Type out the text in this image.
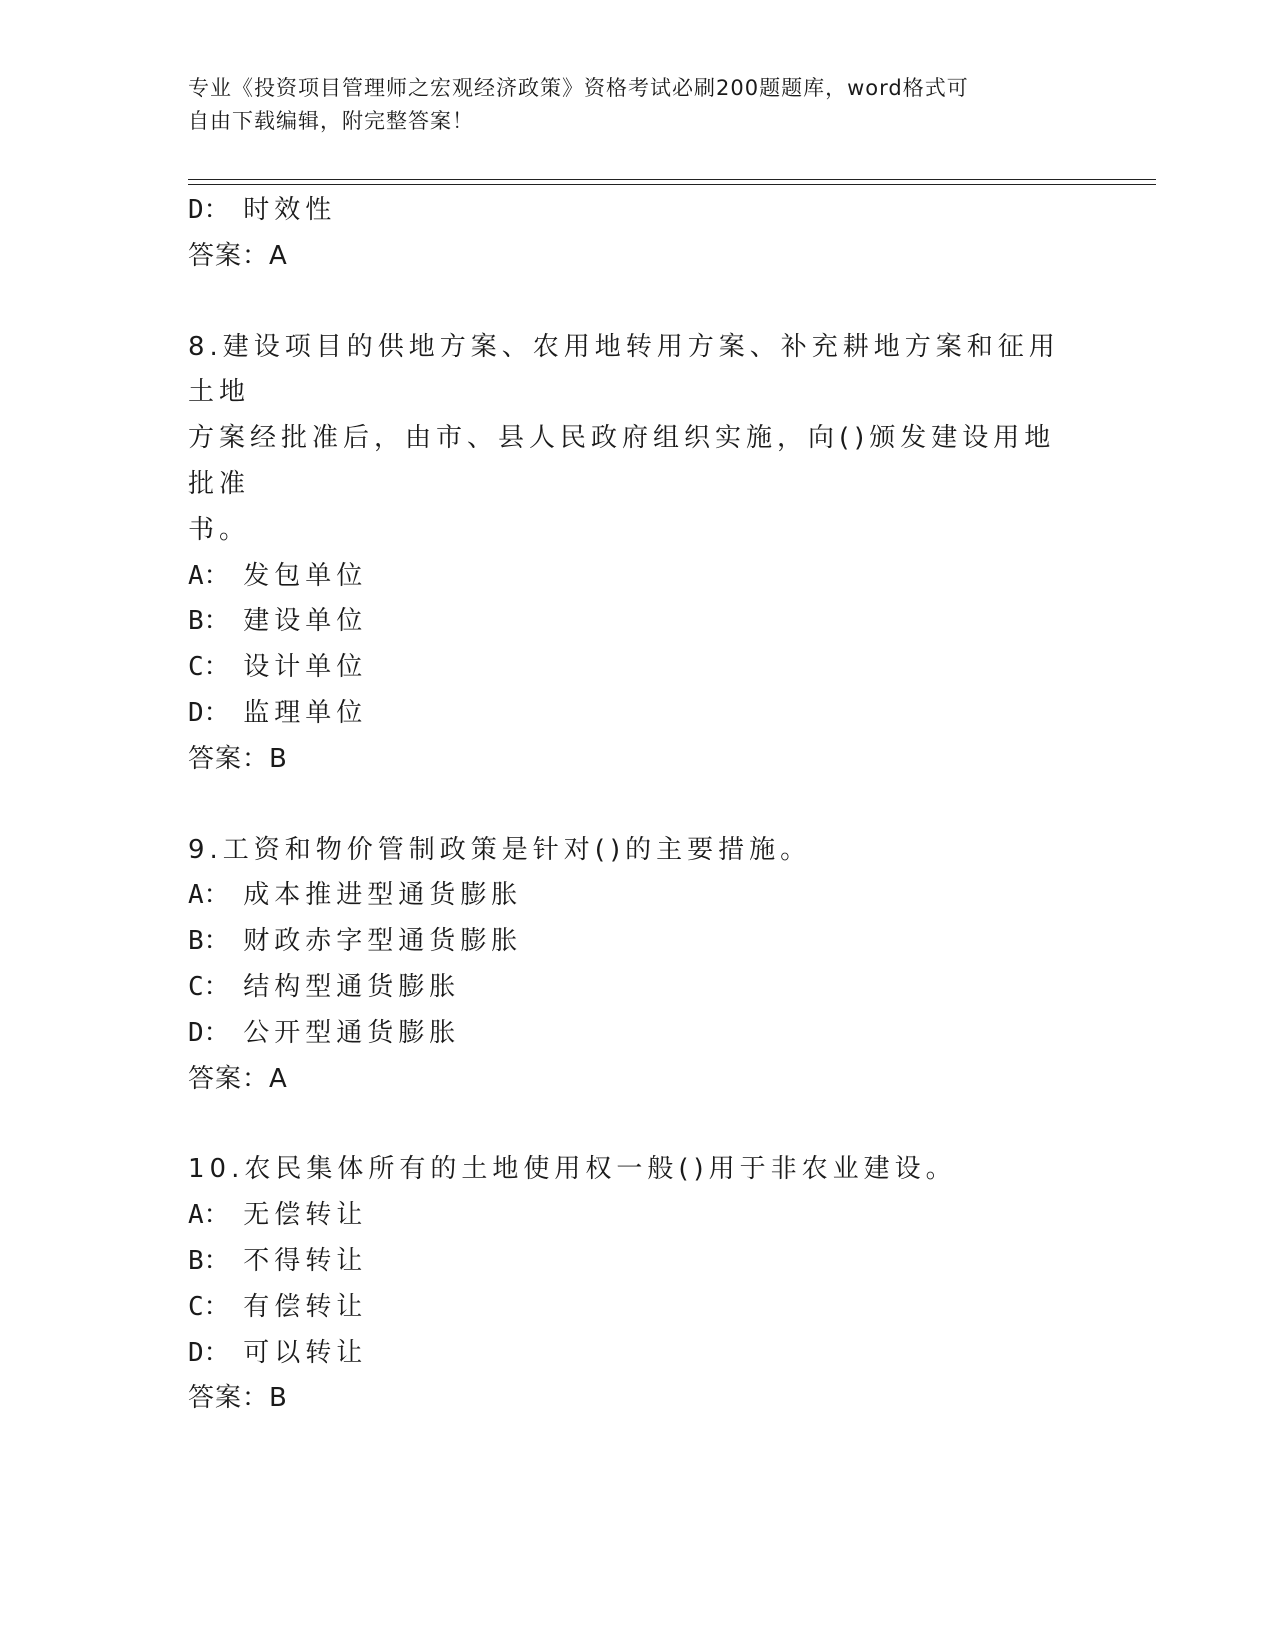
专业《投资项目管理师之宏观经济政策》资格考试必刷200题题库，word格式可
自由下载编辑，附完整答案！
D： 时效性
答案：A
8.建设项目的供地方案、农用地转用方案、补充耕地方案和征用土地
方案经批准后，由市、县人民政府组织实施，向()颁发建设用地批准
书。
A： 发包单位
B： 建设单位
C： 设计单位
D： 监理单位
答案：B
9.工资和物价管制政策是针对()的主要措施。
A： 成本推进型通货膨胀
B： 财政赤字型通货膨胀
C： 结构型通货膨胀
D： 公开型通货膨胀
答案：A
10.农民集体所有的土地使用权一般()用于非农业建设。
A： 无偿转让
B： 不得转让
C： 有偿转让
D： 可以转让
答案：B
